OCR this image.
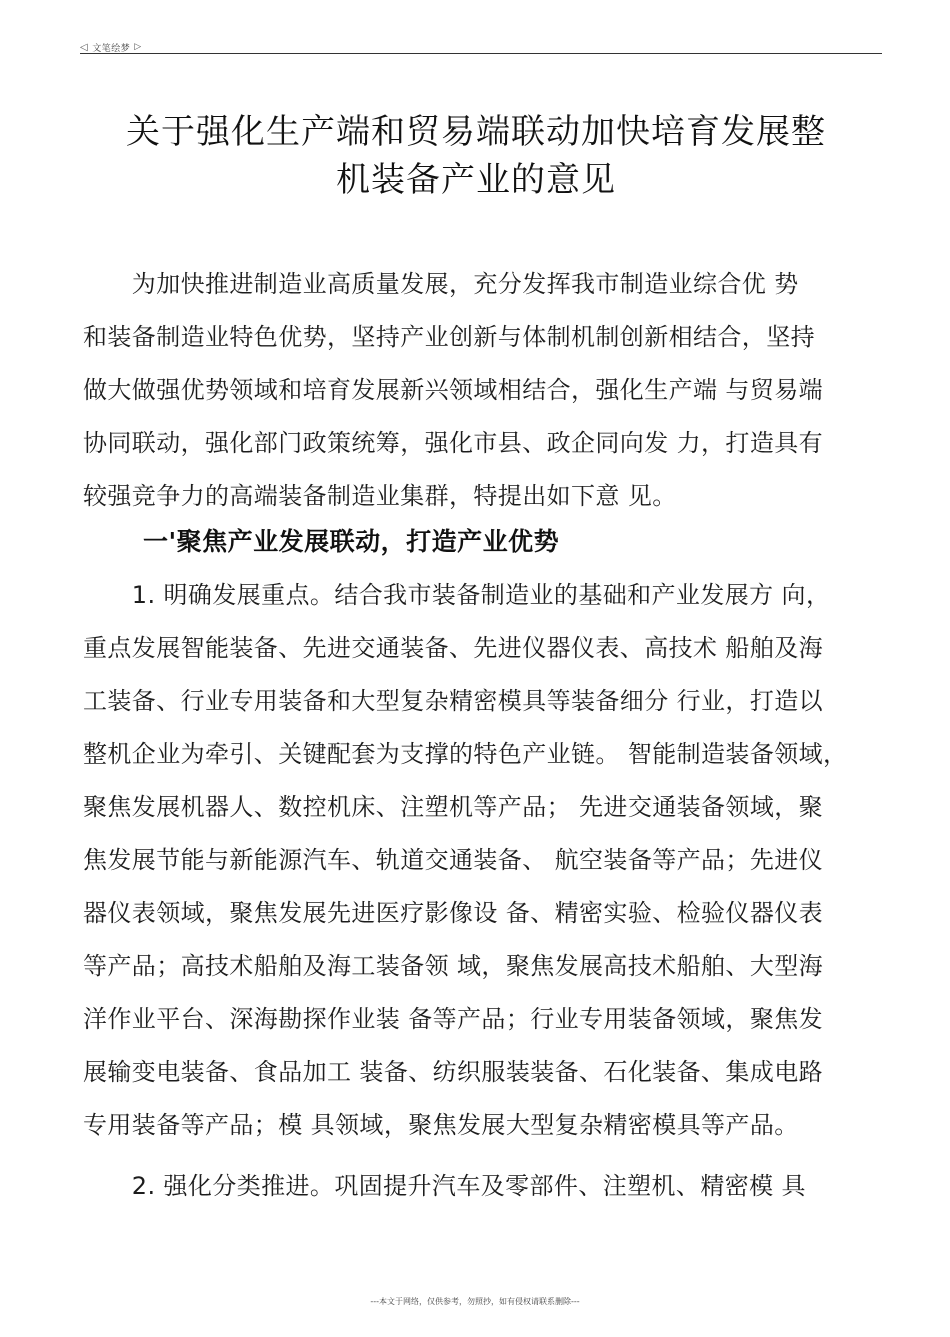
◁ 文笔绘梦 ▷
关于强化生产端和贸易端联动加快培育发展整
机装备产业的意见
　　为加快推进制造业高质量发展，充分发挥我市制造业综合优 势
和装备制造业特色优势，坚持产业创新与体制机制创新相结合，坚持
做大做强优势领域和培育发展新兴领域相结合，强化生产端 与贸易端
协同联动，强化部门政策统筹，强化市县、政企同向发 力，打造具有
较强竞争力的高端装备制造业集群，特提出如下意 见。
一'聚焦产业发展联动，打造产业优势
　　1. 明确发展重点。结合我市装备制造业的基础和产业发展方 向，
重点发展智能装备、先进交通装备、先进仪器仪表、高技术 船舶及海
工装备、行业专用装备和大型复杂精密模具等装备细分 行业，打造以
整机企业为牵引、关键配套为支撑的特色产业链。 智能制造装备领域，
聚焦发展机器人、数控机床、注塑机等产品； 先进交通装备领域，聚
焦发展节能与新能源汽车、轨道交通装备、 航空装备等产品；先进仪
器仪表领域，聚焦发展先进医疗影像设 备、精密实验、检验仪器仪表
等产品；高技术船舶及海工装备领 域，聚焦发展高技术船舶、大型海
洋作业平台、深海勘探作业装 备等产品；行业专用装备领域，聚焦发
展输变电装备、食品加工 装备、纺织服装装备、石化装备、集成电路
专用装备等产品；模 具领域，聚焦发展大型复杂精密模具等产品。
　　2. 强化分类推进。巩固提升汽车及零部件、注塑机、精密模 具
---本文于网络，仅供参考，勿照抄，如有侵权请联系删除---
